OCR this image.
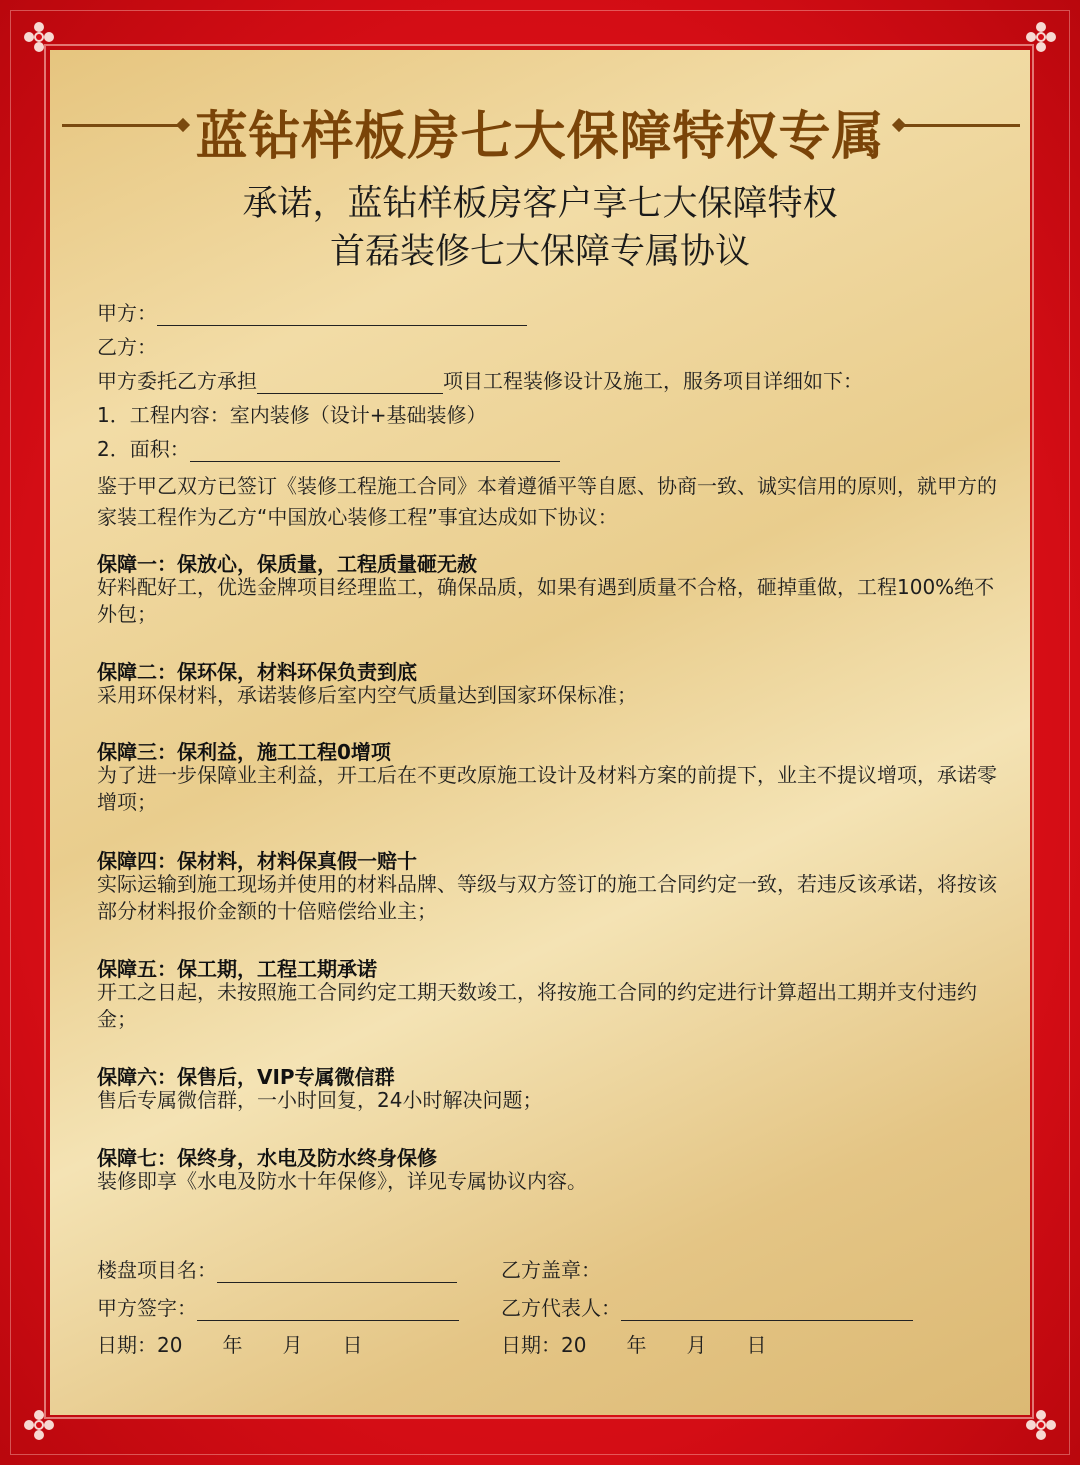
蓝钻样板房七大保障特权专属
承诺，蓝钻样板房客户享七大保障特权
首磊装修七大保障专属协议
甲方：
乙方：
甲方委托乙方承担	项目工程装修设计及施工，服务项目详细如下：
1．工程内容：室内装修（设计+基础装修）
2．面积：
鉴于甲乙双方已签订《装修工程施工合同》本着遵循平等自愿、协商一致、诚实信用的原则，就甲方的家装工程作为乙方“中国放心装修工程”事宜达成如下协议：
保障一：保放心，保质量，工程质量砸无赦
好料配好工，优选金牌项目经理监工，确保品质，如果有遇到质量不合格，砸掉重做，工程100%绝不外包；
保障二：保环保，材料环保负责到底
采用环保材料，承诺装修后室内空气质量达到国家环保标准；
保障三：保利益，施工工程0增项
为了进一步保障业主利益，开工后在不更改原施工设计及材料方案的前提下，业主不提议增项，承诺零增项；
保障四：保材料，材料保真假一赔十
实际运输到施工现场并使用的材料品牌、等级与双方签订的施工合同约定一致，若违反该承诺，将按该部分材料报价金额的十倍赔偿给业主；
保障五：保工期，工程工期承诺
开工之日起，未按照施工合同约定工期天数竣工，将按施工合同的约定进行计算超出工期并支付违约金；
保障六：保售后，VIP专属微信群
售后专属微信群，一小时回复，24小时解决问题；
保障七：保终身，水电及防水终身保修
装修即享《水电及防水十年保修》，详见专属协议内容。
楼盘项目名：
甲方签字：
日期：20　　年　　月　　日
乙方盖章：
乙方代表人：
日期：20　　年　　月　　日
